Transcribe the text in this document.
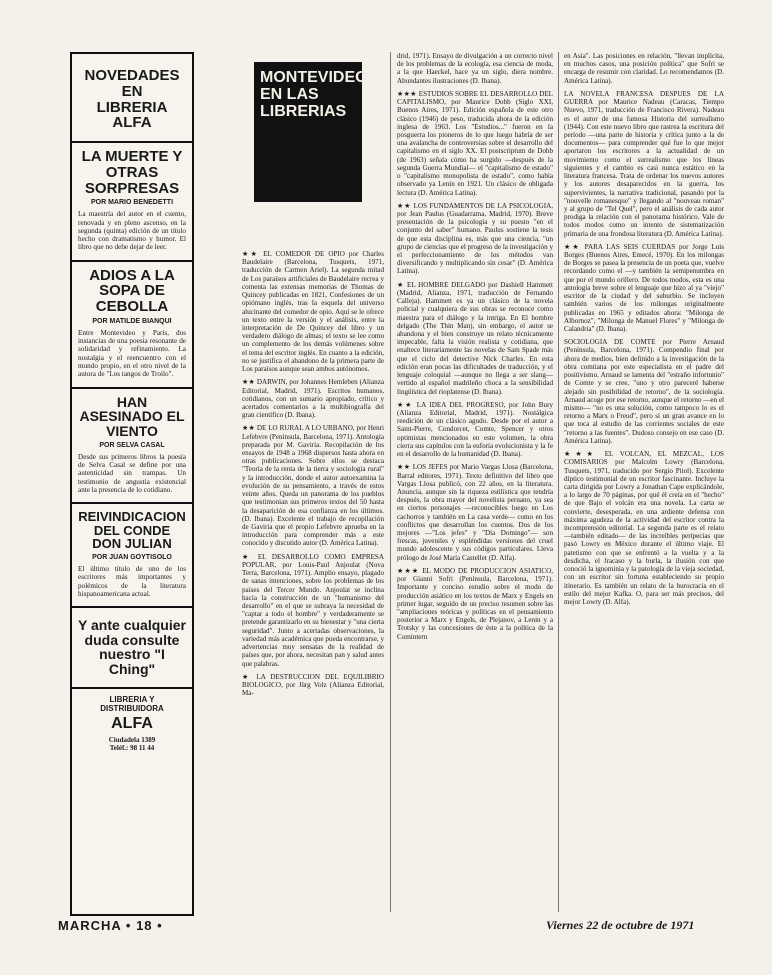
NOVEDADES EN
LIBRERIA ALFA
LA MUERTE Y OTRAS SORPRESAS
POR MARIO BENEDETTI
La maestría del autor en el cuento, renovada y en pleno ascenso, en la segunda (quinta) edición de un título hecho con dramatismo y humor. El libro que no debe dejar de leer.
ADIOS A LA SOPA DE CEBOLLA
POR MATILDE BIANQUI
Entre Montevideo y París, dos instancias de una poesía resonante de solidaridad y refinamiento. La nostalgia y el reencuentro con el mundo propio, en el otro nivel de la autora de "Los tangos de Troilo".
HAN ASESINADO EL VIENTO
POR SELVA CASAL
Desde sus primeros libros la poesía de Selva Casal se define por una autenticidad sin trampas. Un testimonio de angustia existencial ante la presencia de lo cotidiano.
REIVINDICACION DEL CONDE DON JULIAN
POR JUAN GOYTISOLO
El último título de uno de los escritores más importantes y polémicos de la literatura hispanoamericana actual.
Y ante cualquier duda consulte nuestro "I Ching"
LIBRERIA Y
DISTRIBUIDORA
ALFA
Ciudadela 1389
Teléf.: 98 11 44
MONTEVIDEO EN LAS LIBRERIAS

★★ EL COMEDOR DE OPIO por Charles Baudelaire (Barcelona, Tusquets, 1971, traducción de Carmen Ariel). La segunda mitad de Los paraísos artificiales de Baudelaire recrea y comenta las extensas memorias de Thomas de Quincey publicadas en 1821, Confesiones de un opiómano inglés, tras la esquela del universo alucinante del comedor de opio. Aquí se le ofrece un texto entre la versión y el análisis, entre la interpretación de De Quincey del libro y un verdadero diálogo de almas; el texto se lee como un complemento de los demás volúmenes sobre el tema del escritor inglés. En cuanto a la edición, no se justifica el abandono de la primera parte de Los paraísos aunque sean ambos autónomos.

★★ DARWIN, por Johannes Hemleben (Alianza Editorial, Madrid, 1971). Escritos humanos, cotidianos, con un sumario apropiado, crítico y acertados comentarios a la multibiografía del gran científico (D. Ibana).

★★ DE LO RURAL A LO URBANO, por Henri Lefebvre (Península, Barcelona, 1971). Antología preparada por M. Gaviria. Recopilación de los ensayos de 1948 a 1968 dispersos hasta ahora en otras publicaciones. Sobre ellos se destaca "Teoría de la renta de la tierra y sociología rural" y la introducción, donde el autor autoexamina la evolución de su pensamiento, a través de estos veinte años. Queda un panorama de los pueblos que testimonian sus primeros textos del 50 hasta la desaparición de esa confianza en los últimos. (D. Ibana). Excelente el trabajo de recopilación de Gaviria que el propio Lefebvre aprueba en la introducción para comprender más a este conocido y discutido autor (D. América Latina).

★ EL DESARROLLO COMO EMPRESA POPULAR, por Louis-Paul Anjoulat (Nova Terra, Barcelona, 1971). Amplio ensayo, plagado de sanas intenciones, sobre los problemas de los países del Tercer Mundo. Anjoulat se inclina hacia la construcción de un "humanismo del desarrollo" en el que se subraya la necesidad de "captar a todo el hombre" y verdaderamente se pretende garantizarlo en su bienestar y "una cierta seguridad". Junto a acertadas observaciones, la variedad más académica que pueda encontrarse, y advertencias muy sensatas de la realidad de países que, por ahora, necesitan pan y salud antes que palabras.

★ LA DESTRUCCION DEL EQUILIBRIO BIOLOGICO, por Jürg Volz (Alianza Editorial, Ma-

drid, 1971). Ensayo de divulgación a un correcto nivel de los problemas de la ecología, esa ciencia de moda, a la que Haeckel, hace ya un siglo, diera nombre. Abundantes ilustraciones (D. Ibana).

★★★ ESTUDIOS SOBRE EL DESARROLLO DEL CAPITALISMO, por Maurice Dobb (Siglo XXI, Buenos Aires, 1971). Edición española de este otro clásico (1946) de peso, traducida ahora de la edición inglesa de 1963. Los "Estudios..." fueron en la posguerra los pioneros de lo que luego habría de ser una avalancha de controversias sobre el desarrollo del capitalismo en el siglo XX. El postscriptum de Dobb (de 1963) señala cómo ha surgido —después de la segunda Guerra Mundial— el "capitalismo de estado" o "capitalismo monopolista de estado", como había observado ya Lenin en 1921. Un clásico de obligada lectura (D. América Latina).

★★ LOS FUNDAMENTOS DE LA PSICOLOGIA, por Jean Paulus (Guadarrama, Madrid, 1970). Breve presentación de la psicología y su puesto "en el conjunto del saber" humano. Paulus sostiene la tesis de que esta disciplina es, más que una ciencia, "un grupo de ciencias que el progreso de la investigación y el perfeccionamiento de los métodos van diversificando y multiplicando sin cesar" (D. América Latina).

★ EL HOMBRE DELGADO por Dashiell Hammett (Madrid, Alianza, 1971, traducción de Fernando Calleja). Hammett es ya un clásico de la novela policial y cualquiera de sus obras se reconoce como maestra para el diálogo y la intriga. En El hombre delgado (The Thin Man), sin embargo, el autor se abandona y el bien construye un relato técnicamente impecable, falta la visión realista y cotidiana, que enaltece literariamente las novelas de Sam Spade más que el ciclo del detective Nick Charles. En esta edición eran pocas las dificultades de traducción, y el lenguaje coloquial —aunque no llega a ser slang— vertido al español madrileño choca a la sensibilidad lingüística del rioplatense (D. Ibana).

★★ LA IDEA DEL PROGRESO, por John Bury (Alianza Editorial, Madrid, 1971). Nostálgica reedición de un clásico agudo. Desde por el autor a Saint-Pierre, Condorcet, Comte, Spencer y otros optimistas mencionados en este volumen, la obra cierra sus capítulos con la euforia evolucionista y la fe en el desarrollo de la humanidad (D. Ibana).

★★ LOS JEFES por Mario Vargas Llosa (Barcelona, Barral editores, 1971). Texto definitivo del libro que Vargas Llosa publicó, con 22 años, en la literatura. Anuncia, aunque sin la riqueza estilística que tendría después, la obra mayor del novelista peruano, ya sea en ciertos personajes —reconocibles luego en Los cachorros y también en La casa verde— como en los conflictos que desarrollan los cuentos. Dos de los mejores —"Los jefes" y "Día Domingo"— son frescas, juveniles y espléndidas versiones del cruel mundo adolescente y sus códigos particulares. Lleva prólogo de José María Castellet (D. Alfa).

★★★ EL MODO DE PRODUCCION ASIATICO, por Gianni Sofri (Península, Barcelona, 1971). Importante y conciso estudio sobre el modo de producción asiático en los textos de Marx y Engels en primer lugar, seguido de un preciso resumen sobre las "ampliaciones teóricas y políticas en el pensamiento posterior a Marx y Engels, de Plejanov, a Lenin y a Trotsky y las concesiones de éste a la política de la Comintern

en Asia". Las posiciones en relación, "llevan implícita, en muchos casos, una posición política" que Sofri se encarga de resumir con claridad. Lo recomendamos (D. América Latina).

LA NOVELA FRANCESA DESPUES DE LA GUERRA por Maurice Nadeau (Caracas, Tiempo Nuevo, 1971, traducción de Francisco Rivera). Nadeau es el autor de una famosa Historia del surrealismo (1944). Con este nuevo libro que rastrea la escritura del período —una parte de historia y crítica junto a la de documentos— para comprender qué fue lo que mejor aportaron los escritores a la actualidad de un movimiento como el surrealismo que los líneas siguientes y el cambio es casi nunca estático en la literatura francesa. Trata de ordenar los nuevos autores y los autores desaparecidos en la guerra, los supervivientes, la narrativa tradicional, pasando por la "nouvelle romanesque" y llegando al "nouveau roman" y al grupo de "Tel Quel", pero el análisis de cada autor prodiga la relación con el panorama histórico. Vale de todos modos como un intento de sistematización primaria de una frondosa literatura (D. América Latina).

★★ PARA LAS SEIS CUERDAS por Jorge Luis Borges (Buenos Aires, Emecé, 1970). En los milongas de Borges se pasea la presencia de un poeta que, vuelve recordando como el —y también la semipenumbra en que por el mundo orillero. De todos modos, esta es una antología breve sobre el lenguaje que hizo al ya "viejo" escritor de la ciudad y del suburbio. Se incluyen también varios de los milongas originalmente publicadas en 1965 y editados ahora: "Milonga de Albornoz", "Milonga de Manuel Flores" y "Milonga de Calandria" (D. Ibana).

SOCIOLOGIA DE COMTE por Pierre Arnaud (Península, Barcelona, 1971). Compendio final por ahora de medios, bien definido a la investigación de la obra comtiana por este especialista en el padre del positivismo. Arnaud se lamenta del "estraño infortunio" de Comte y se cree, "uno y otro pareceré haberse alejado sin posibilidad de retorno", de la sociología. Arnaud acoge por ese retorno, aunque el retorno —en el mismo— "no es una solución, como tampoco lo es el retorno a Marx o Freud", pero sí un gran avance en lo que toca al estudio de las corrientes sociales de este "retorno a las fuentes". Dudoso consejo en ese caso (D. América Latina).

★★★ EL VOLCAN, EL MEZCAL, LOS COMISARIOS por Malcolm Lowry (Barcelona, Tusquets, 1971, traducido por Sergio Pitol). Excelente díptico testimonial de un escritor fascinante. Incluye la carta dirigida por Lowry a Jonathan Cape explicándole, a lo largo de 70 páginas, por qué él creía en el "hecho" de que Bajo el volcán era una novela. La carta se convierte, desesperada, en una ardiente defensa con máxima agudeza de la actividad del escritor contra la incomprensión editorial. La segunda parte es el relato —también editado— de las increíbles peripecias que pasó Lowry en México durante el último viaje. El patetismo con que se enfrentó a la vuelta y a la desdicha, el fracaso y la burla, la ilusión con que conoció la ignominia y la patología de la vieja sociedad, con un escritor sin fortuna estableciendo su propio itinerario. Es también un relato de la burocracia en el estilo del mejor Kafka. O, para ser más precisos, del mejor Lowry (D. Alfa).

MARCHA • 18 •	Viernes 22 de octubre de 1971
